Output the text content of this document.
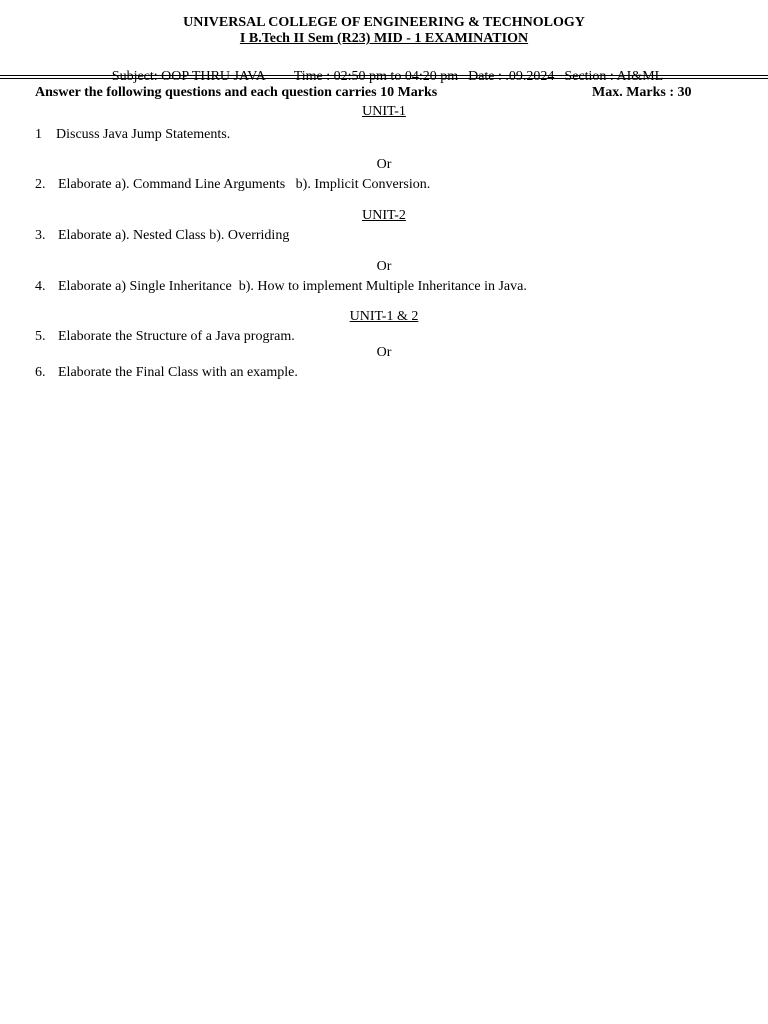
UNIVERSAL COLLEGE OF ENGINEERING & TECHNOLOGY
I B.Tech II Sem (R23) MID - 1 EXAMINATION

Subject: OOP THRU JAVA Time : 02:50 pm to 04:20 pm Date : .09.2024 Section : AI&ML

Answer the following questions and each question carries 10 Marks	Max. Marks : 30
UNIT-1
1 Discuss Java Jump Statements.
Or
2. Elaborate a). Command Line Arguments   b). Implicit Conversion.
UNIT-2
3. Elaborate a). Nested Class b). Overriding
Or
4. Elaborate a) Single Inheritance  b). How to implement Multiple Inheritance in Java.
UNIT-1 & 2
5. Elaborate the Structure of a Java program.
Or
6. Elaborate the Final Class with an example.
